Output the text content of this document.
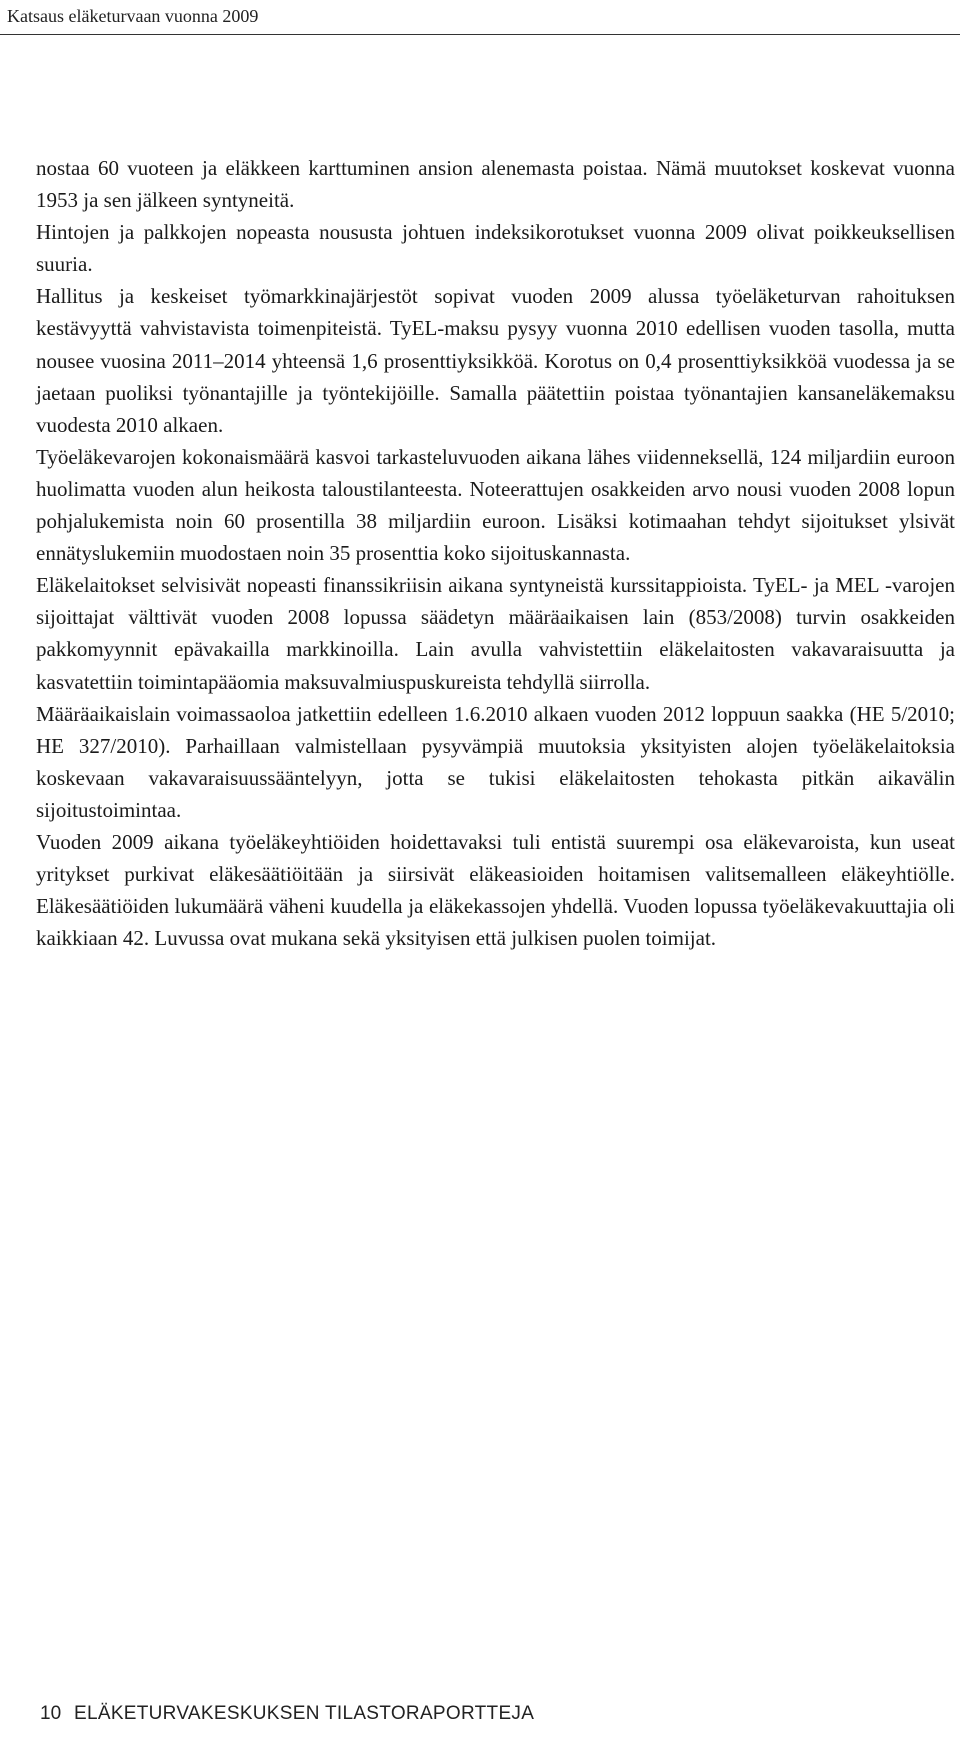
Katsaus eläketurvaan vuonna 2009

nostaa 60 vuoteen ja eläkkeen karttuminen ansion alenemasta poistaa. Nämä muutokset koskevat vuonna 1953 ja sen jälkeen syntyneitä.

Hintojen ja palkkojen nopeasta noususta johtuen indeksikorotukset vuonna 2009 olivat poikkeuksellisen suuria.

Hallitus ja keskeiset työmarkkinajärjestöt sopivat vuoden 2009 alussa työeläketurvan rahoituksen kestävyyttä vahvistavista toimenpiteistä. TyEL-maksu pysyy vuonna 2010 edellisen vuoden tasolla, mutta nousee vuosina 2011–2014 yhteensä 1,6 prosenttiyksikköä. Korotus on 0,4 prosenttiyksikköä vuodessa ja se jaetaan puoliksi työnantajille ja työntekijöille. Samalla päätettiin poistaa työnantajien kansaneläkemaksu vuodesta 2010 alkaen.

Työeläkevarojen kokonaismäärä kasvoi tarkasteluvuoden aikana lähes viidenneksellä, 124 miljardiin euroon huolimatta vuoden alun heikosta taloustilanteesta. Noteerattujen osakkeiden arvo nousi vuoden 2008 lopun pohjalukemista noin 60 prosentilla 38 miljardiin euroon. Lisäksi kotimaahan tehdyt sijoitukset ylsivät ennätyslukemiin muodostaen noin 35 prosenttia koko sijoituskannasta.

Eläkelaitokset selvisivät nopeasti finanssikriisin aikana syntyneistä kurssitappioista. TyEL- ja MEL -varojen sijoittajat välttivät vuoden 2008 lopussa säädetyn määräaikaisen lain (853/2008) turvin osakkeiden pakkomyynnit epävakailla markkinoilla. Lain avulla vahvistettiin eläkelaitosten vakavaraisuutta ja kasvatettiin toimintapääomia maksuvalmiuspuskureista tehdyllä siirrolla.

Määräaikaislain voimassaoloa jatkettiin edelleen 1.6.2010 alkaen vuoden 2012 loppuun saakka (HE 5/2010; HE 327/2010). Parhaillaan valmistellaan pysyvämpiä muutoksia yksityisten alojen työeläkelaitoksia koskevaan vakavaraisuussääntelyyn, jotta se tukisi eläkelaitosten tehokasta pitkän aikavälin sijoitustoimintaa.

Vuoden 2009 aikana työeläkeyhtiöiden hoidettavaksi tuli entistä suurempi osa eläkevaroista, kun useat yritykset purkivat eläkesäätiöitään ja siirsivät eläkeasioiden hoitamisen valitsemalleen eläkeyhtiölle. Eläkesäätiöiden lukumäärä väheni kuudella ja eläkekassojen yhdellä. Vuoden lopussa työeläkevakuuttajia oli kaikkiaan 42. Luvussa ovat mukana sekä yksityisen että julkisen puolen toimijat.

10 ELÄKETURVAKESKUKSEN TILASTORAPORTTEJA
